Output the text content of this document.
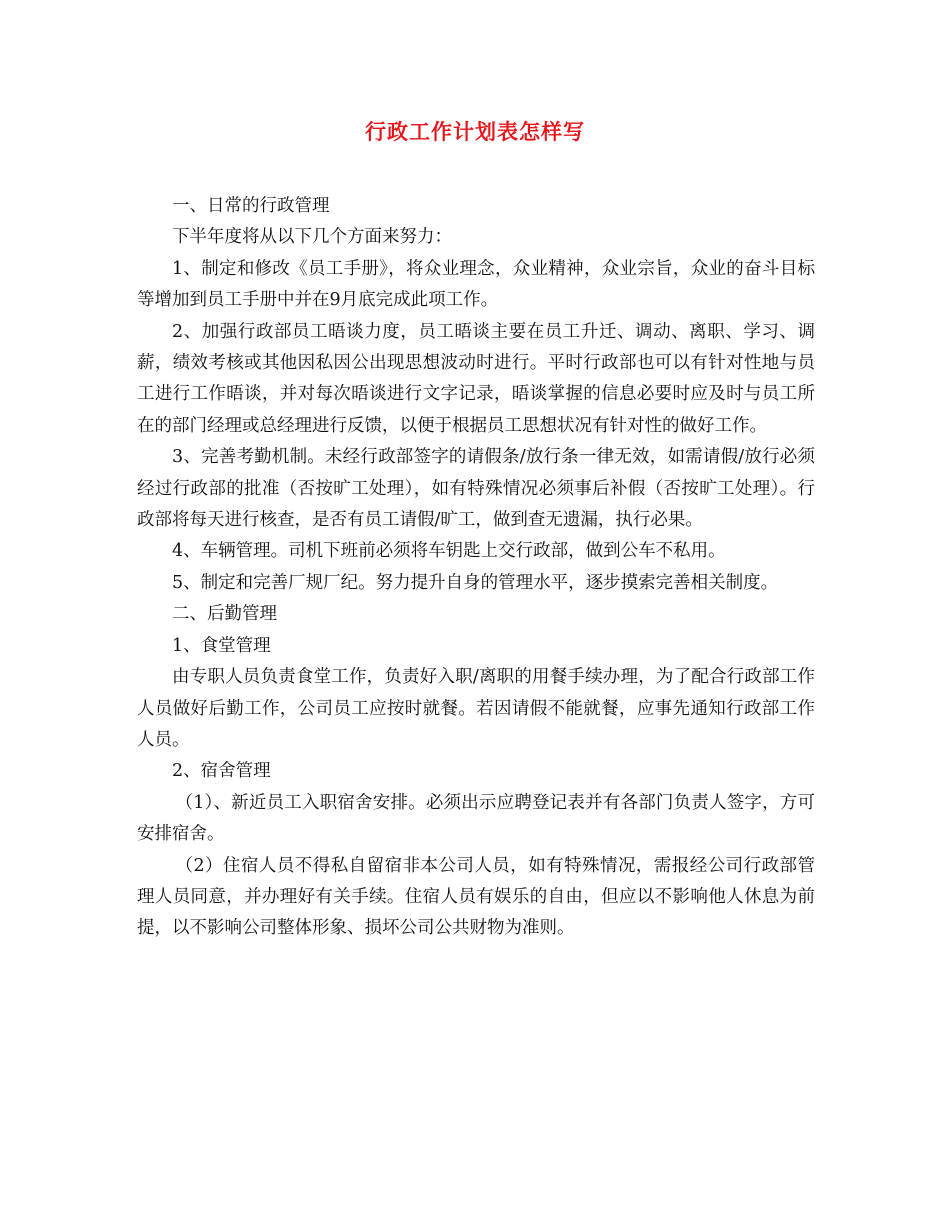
行政工作计划表怎样写

一、日常的行政管理

下半年度将从以下几个方面来努力：

1、制定和修改《员工手册》，将众业理念，众业精神，众业宗旨，众业的奋斗目标等增加到员工手册中并在9月底完成此项工作。

2、加强行政部员工晤谈力度，员工晤谈主要在员工升迁、调动、离职、学习、调薪，绩效考核或其他因私因公出现思想波动时进行。平时行政部也可以有针对性地与员工进行工作晤谈，并对每次晤谈进行文字记录，晤谈掌握的信息必要时应及时与员工所在的部门经理或总经理进行反馈，以便于根据员工思想状况有针对性的做好工作。

3、完善考勤机制。未经行政部签字的请假条/放行条一律无效，如需请假/放行必须经过行政部的批准（否按旷工处理），如有特殊情况必须事后补假（否按旷工处理）。行政部将每天进行核查，是否有员工请假/旷工，做到查无遗漏，执行必果。

4、车辆管理。司机下班前必须将车钥匙上交行政部，做到公车不私用。

5、制定和完善厂规厂纪。努力提升自身的管理水平，逐步摸索完善相关制度。

二、后勤管理

1、食堂管理

由专职人员负责食堂工作，负责好入职/离职的用餐手续办理，为了配合行政部工作人员做好后勤工作，公司员工应按时就餐。若因请假不能就餐，应事先通知行政部工作人员。

2、宿舍管理

（1）、新近员工入职宿舍安排。必须出示应聘登记表并有各部门负责人签字，方可安排宿舍。

（2）住宿人员不得私自留宿非本公司人员，如有特殊情况，需报经公司行政部管理人员同意，并办理好有关手续。住宿人员有娱乐的自由，但应以不影响他人休息为前提，以不影响公司整体形象、损坏公司公共财物为准则。
